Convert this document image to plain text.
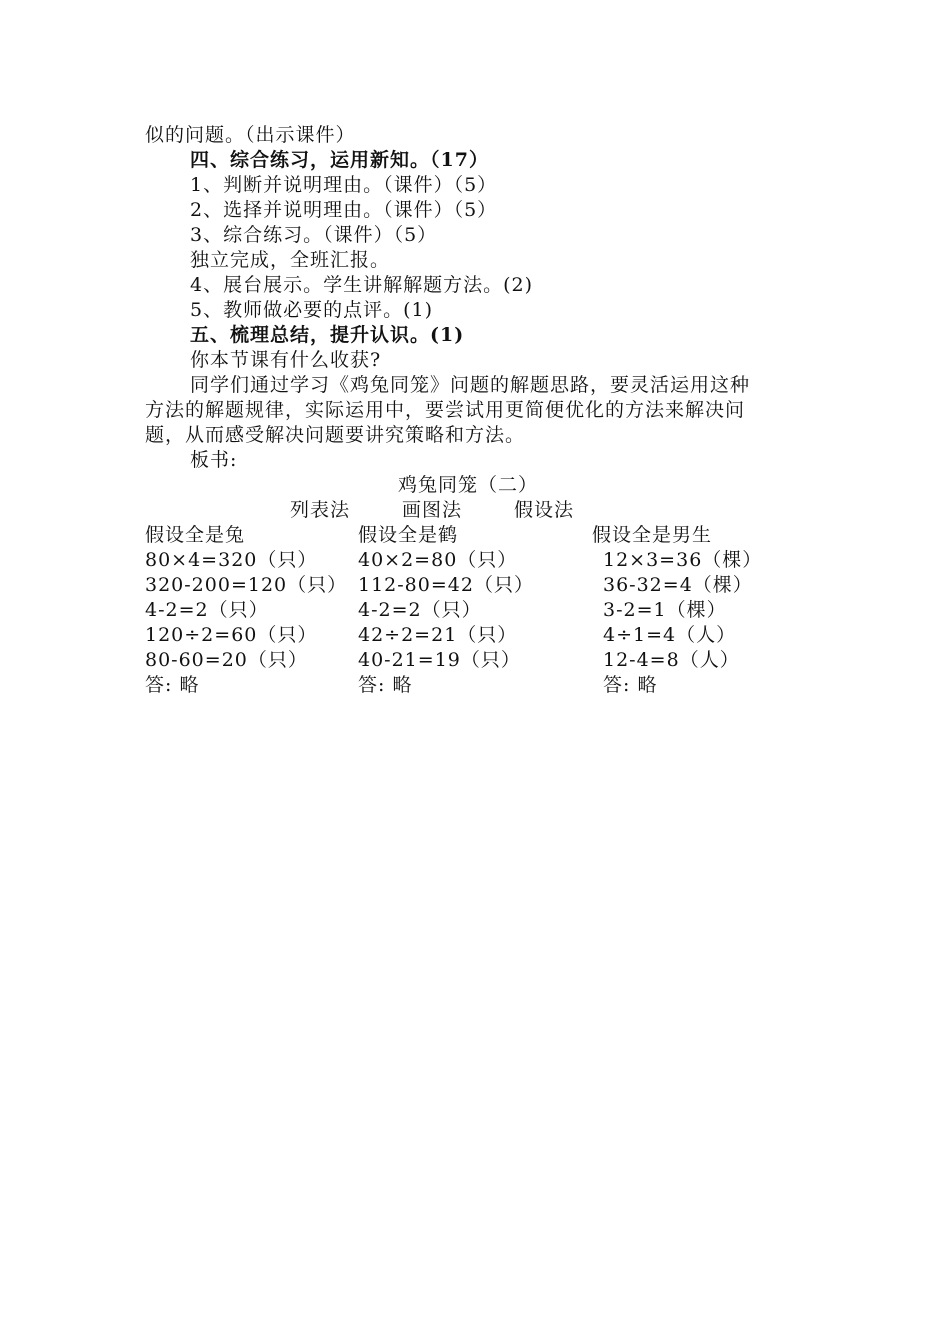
似的问题。（出示课件）
四、综合练习，运用新知。（17）
1、判断并说明理由。（课件）（5）
2、选择并说明理由。（课件）（5）
3、综合练习。（课件）（5）
独立完成，全班汇报。
4、展台展示。学生讲解解题方法。(2)
5、教师做必要的点评。(1)
五、梳理总结，提升认识。(1)
你本节课有什么收获?
同学们通过学习《鸡兔同笼》问题的解题思路，要灵活运用这种
方法的解题规律，实际运用中，要尝试用更简便优化的方法来解决问
题，从而感受解决问题要讲究策略和方法。
板书:
鸡兔同笼（二）
列表法	画图法	假设法
假设全是兔
80×4=320（只）
320-200=120（只）
4-2=2（只）
120÷2=60（只）
80-60=20（只）
答: 略
假设全是鹤
40×2=80（只）
112-80=42（只）
4-2=2（只）
42÷2=21（只）
40-21=19（只）
答: 略
假设全是男生
12×3=36（棵）
36-32=4（棵）
3-2=1（棵）
4÷1=4（人）
12-4=8（人）
答: 略
